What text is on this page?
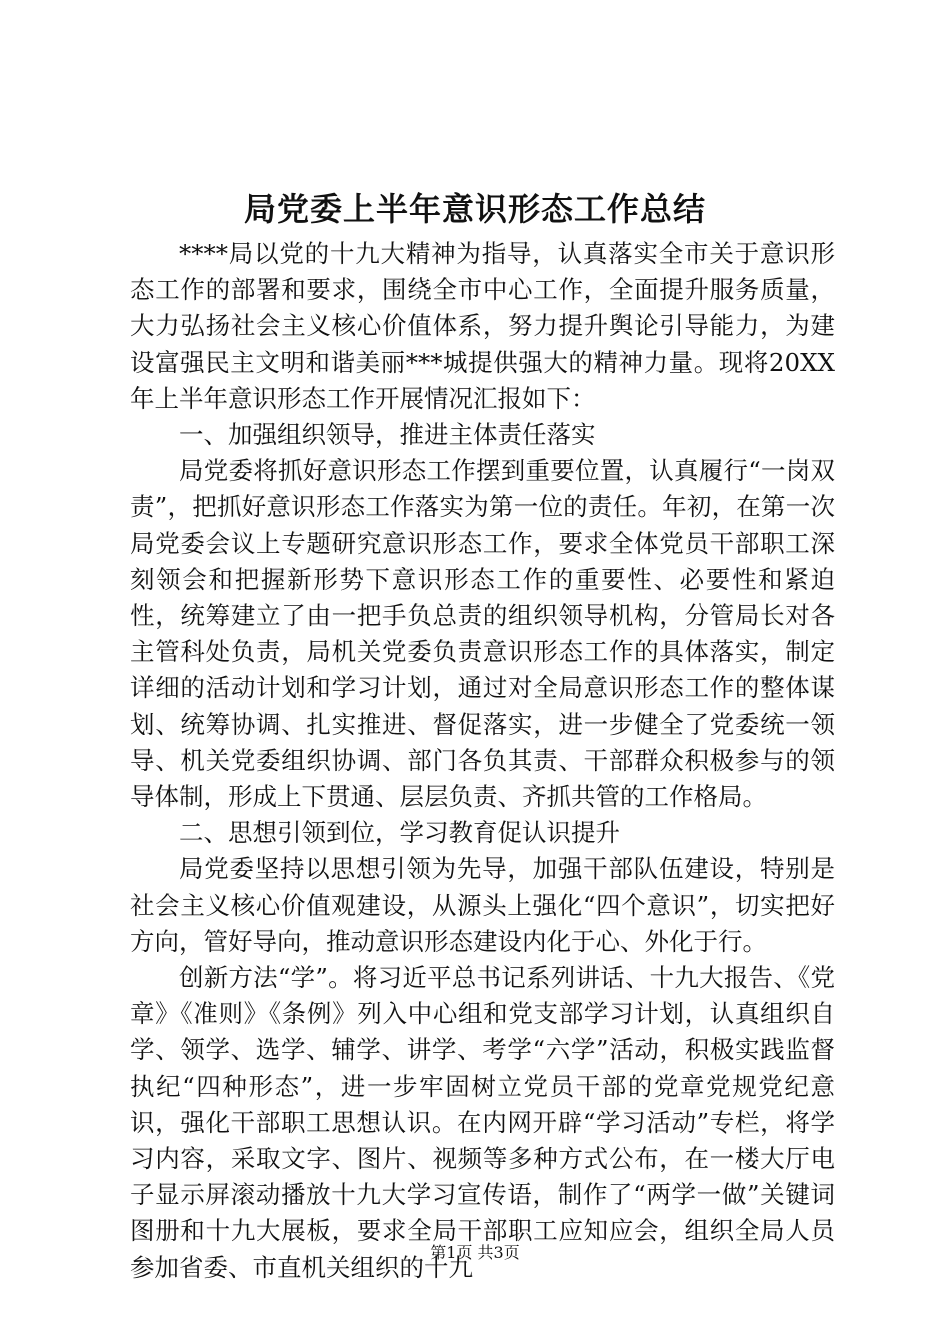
局党委上半年意识形态工作总结

****局以党的十九大精神为指导，认真落实全市关于意识形态工作的部署和要求，围绕全市中心工作，全面提升服务质量，大力弘扬社会主义核心价值体系，努力提升舆论引导能力，为建设富强民主文明和谐美丽***城提供强大的精神力量。现将20XX年上半年意识形态工作开展情况汇报如下：

一、加强组织领导，推进主体责任落实

局党委将抓好意识形态工作摆到重要位置，认真履行“一岗双责”，把抓好意识形态工作落实为第一位的责任。年初，在第一次局党委会议上专题研究意识形态工作，要求全体党员干部职工深刻领会和把握新形势下意识形态工作的重要性、必要性和紧迫性，统筹建立了由一把手负总责的组织领导机构，分管局长对各主管科处负责，局机关党委负责意识形态工作的具体落实，制定详细的活动计划和学习计划，通过对全局意识形态工作的整体谋划、统筹协调、扎实推进、督促落实，进一步健全了党委统一领导、机关党委组织协调、部门各负其责、干部群众积极参与的领导体制，形成上下贯通、层层负责、齐抓共管的工作格局。

二、思想引领到位，学习教育促认识提升

局党委坚持以思想引领为先导，加强干部队伍建设，特别是社会主义核心价值观建设，从源头上强化“四个意识”，切实把好方向，管好导向，推动意识形态建设内化于心、外化于行。

创新方法“学”。将习近平总书记系列讲话、十九大报告、《党章》《准则》《条例》列入中心组和党支部学习计划，认真组织自学、领学、选学、辅学、讲学、考学“六学”活动，积极实践监督执纪“四种形态”，进一步牢固树立党员干部的党章党规党纪意识，强化干部职工思想认识。在内网开辟“学习活动”专栏，将学习内容，采取文字、图片、视频等多种方式公布，在一楼大厅电子显示屏滚动播放十九大学习宣传语，制作了“两学一做”关键词图册和十九大展板，要求全局干部职工应知应会，组织全局人员参加省委、市直机关组织的十九

第1页 共3页
